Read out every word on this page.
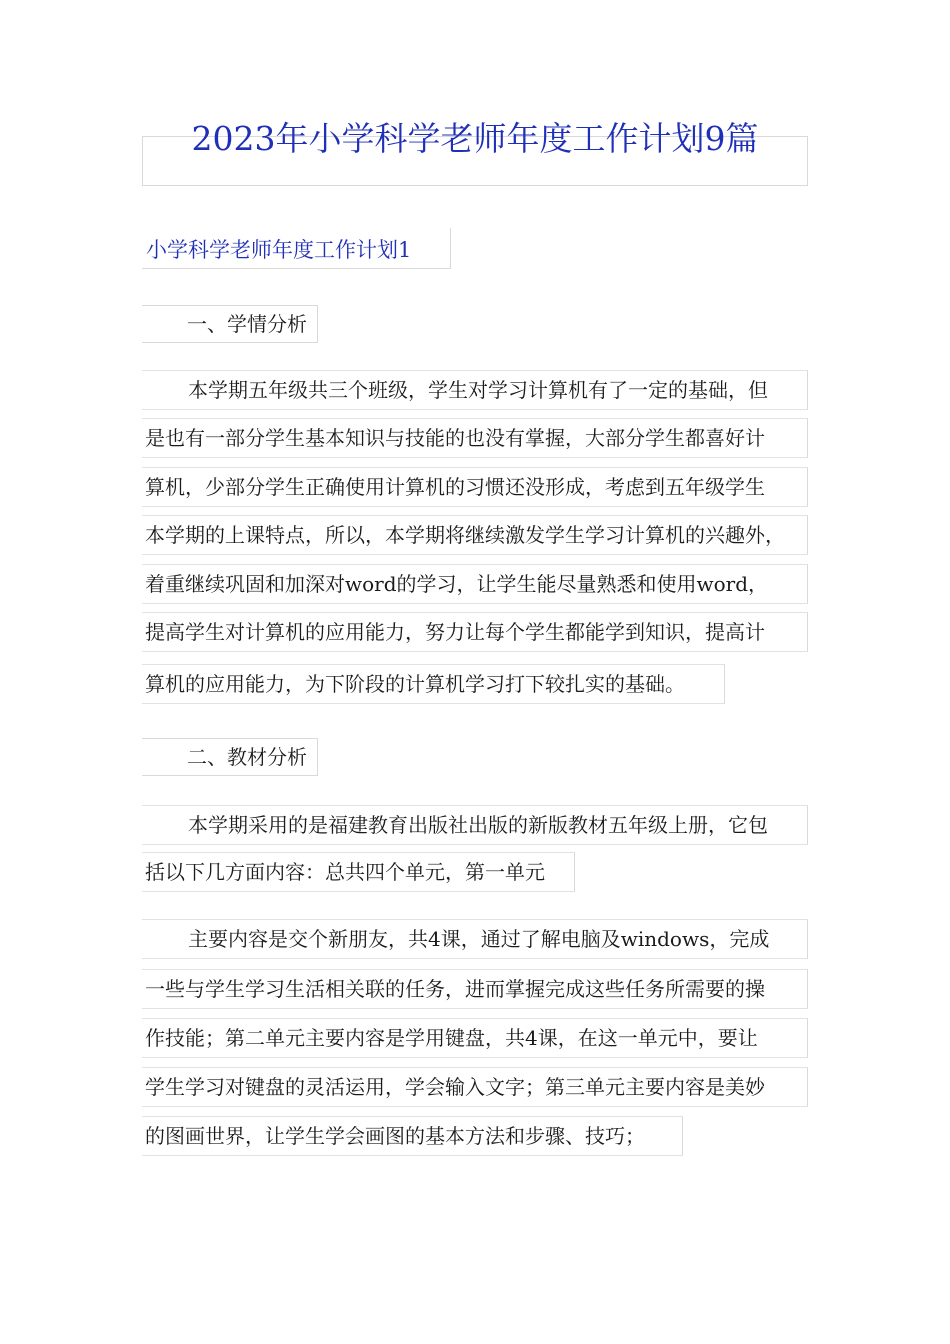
2023年小学科学老师年度工作计划9篇
小学科学老师年度工作计划1
一、学情分析
本学期五年级共三个班级，学生对学习计算机有了一定的基础，但
是也有一部分学生基本知识与技能的也没有掌握，大部分学生都喜好计
算机，少部分学生正确使用计算机的习惯还没形成，考虑到五年级学生
本学期的上课特点，所以，本学期将继续激发学生学习计算机的兴趣外，
着重继续巩固和加深对word的学习，让学生能尽量熟悉和使用word，
提高学生对计算机的应用能力，努力让每个学生都能学到知识，提高计
算机的应用能力，为下阶段的计算机学习打下较扎实的基础。
二、教材分析
本学期采用的是福建教育出版社出版的新版教材五年级上册，它包
括以下几方面内容：总共四个单元，第一单元
主要内容是交个新朋友，共4课，通过了解电脑及windows，完成
一些与学生学习生活相关联的任务，进而掌握完成这些任务所需要的操
作技能；第二单元主要内容是学用键盘，共4课，在这一单元中，要让
学生学习对键盘的灵活运用，学会输入文字；第三单元主要内容是美妙
的图画世界，让学生学会画图的基本方法和步骤、技巧；
